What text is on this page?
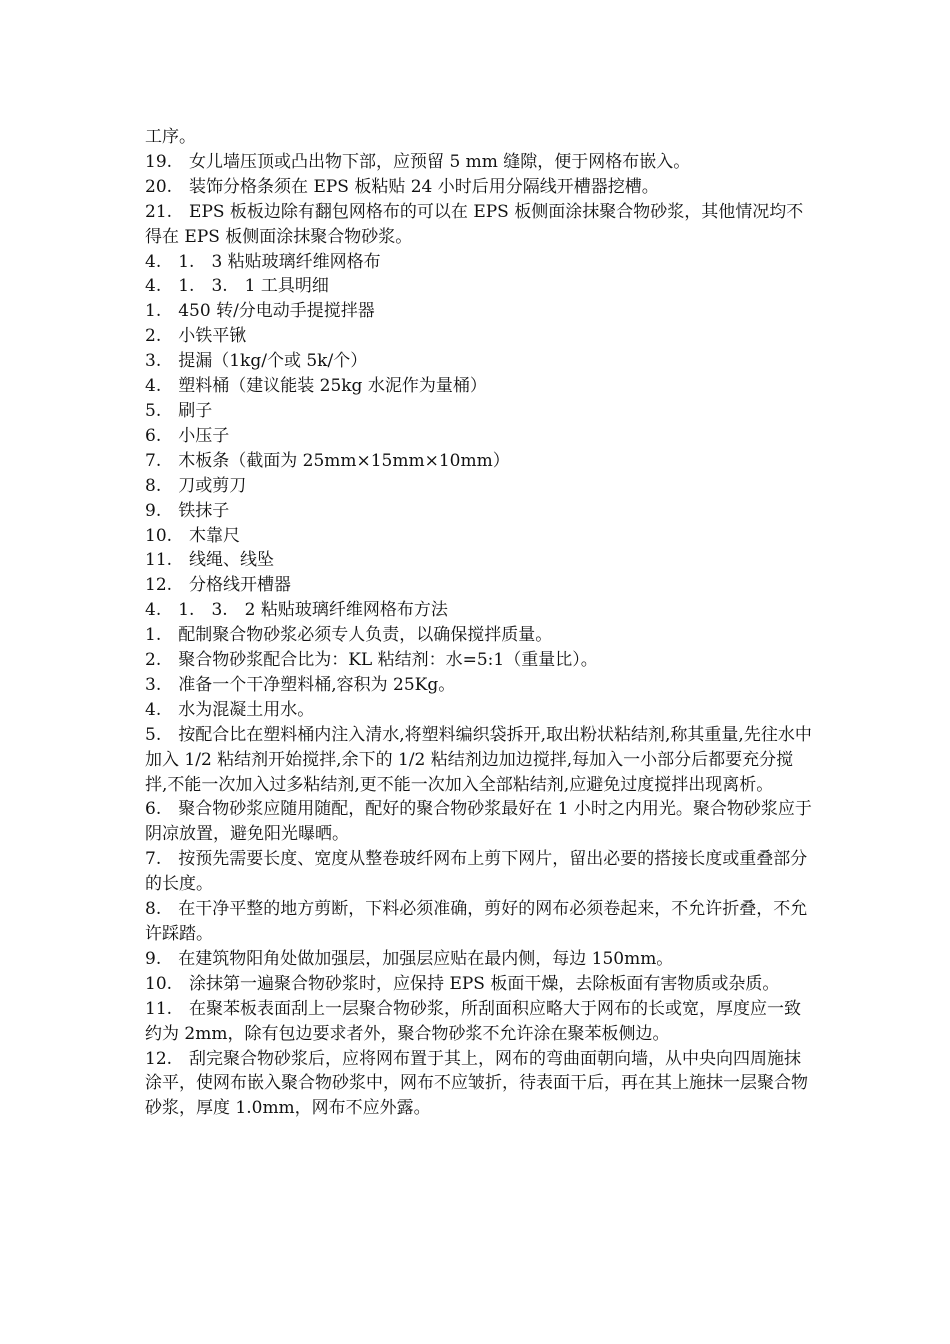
工序。

19.　女儿墙压顶或凸出物下部，应预留 5 mm 缝隙，便于网格布嵌入。

20.　装饰分格条须在 EPS 板粘贴 24 小时后用分隔线开槽器挖槽。

21.　EPS 板板边除有翻包网格布的可以在 EPS 板侧面涂抹聚合物砂浆，其他情况均不得在 EPS 板侧面涂抹聚合物砂浆。

4.　1.　3 粘贴玻璃纤维网格布

4.　1.　3.　1 工具明细

1.　450 转/分电动手提搅拌器

2.　小铁平锹

3.　提漏（1kg/个或 5k/个）

4.　塑料桶（建议能装 25kg 水泥作为量桶）

5.　刷子

6.　小压子

7.　木板条（截面为 25mm×15mm×10mm）

8.　刀或剪刀

9.　铁抹子

10.　木靠尺

11.　线绳、线坠

12.　分格线开槽器

4.　1.　3.　2 粘贴玻璃纤维网格布方法

1.　配制聚合物砂浆必须专人负责，以确保搅拌质量。

2.　聚合物砂浆配合比为：KL 粘结剂：水=5:1（重量比）。

3.　准备一个干净塑料桶,容积为 25Kg。

4.　水为混凝土用水。

5.　按配合比在塑料桶内注入清水,将塑料编织袋拆开,取出粉状粘结剂,称其重量,先往水中加入 1/2 粘结剂开始搅拌,余下的 1/2 粘结剂边加边搅拌,每加入一小部分后都要充分搅拌,不能一次加入过多粘结剂,更不能一次加入全部粘结剂,应避免过度搅拌出现离析。

6.　聚合物砂浆应随用随配，配好的聚合物砂浆最好在 1 小时之内用光。聚合物砂浆应于阴凉放置，避免阳光曝晒。

7.　按预先需要长度、宽度从整卷玻纤网布上剪下网片，留出必要的搭接长度或重叠部分的长度。

8.　在干净平整的地方剪断，下料必须准确，剪好的网布必须卷起来，不允许折叠，不允许踩踏。

9.　在建筑物阳角处做加强层，加强层应贴在最内侧，每边 150mm。

10.　涂抹第一遍聚合物砂浆时，应保持 EPS 板面干燥，去除板面有害物质或杂质。

11.　在聚苯板表面刮上一层聚合物砂浆，所刮面积应略大于网布的长或宽，厚度应一致约为 2mm，除有包边要求者外，聚合物砂浆不允许涂在聚苯板侧边。

12.　刮完聚合物砂浆后，应将网布置于其上，网布的弯曲面朝向墙，从中央向四周施抹涂平，使网布嵌入聚合物砂浆中，网布不应皱折，待表面干后，再在其上施抹一层聚合物砂浆，厚度 1.0mm，网布不应外露。
